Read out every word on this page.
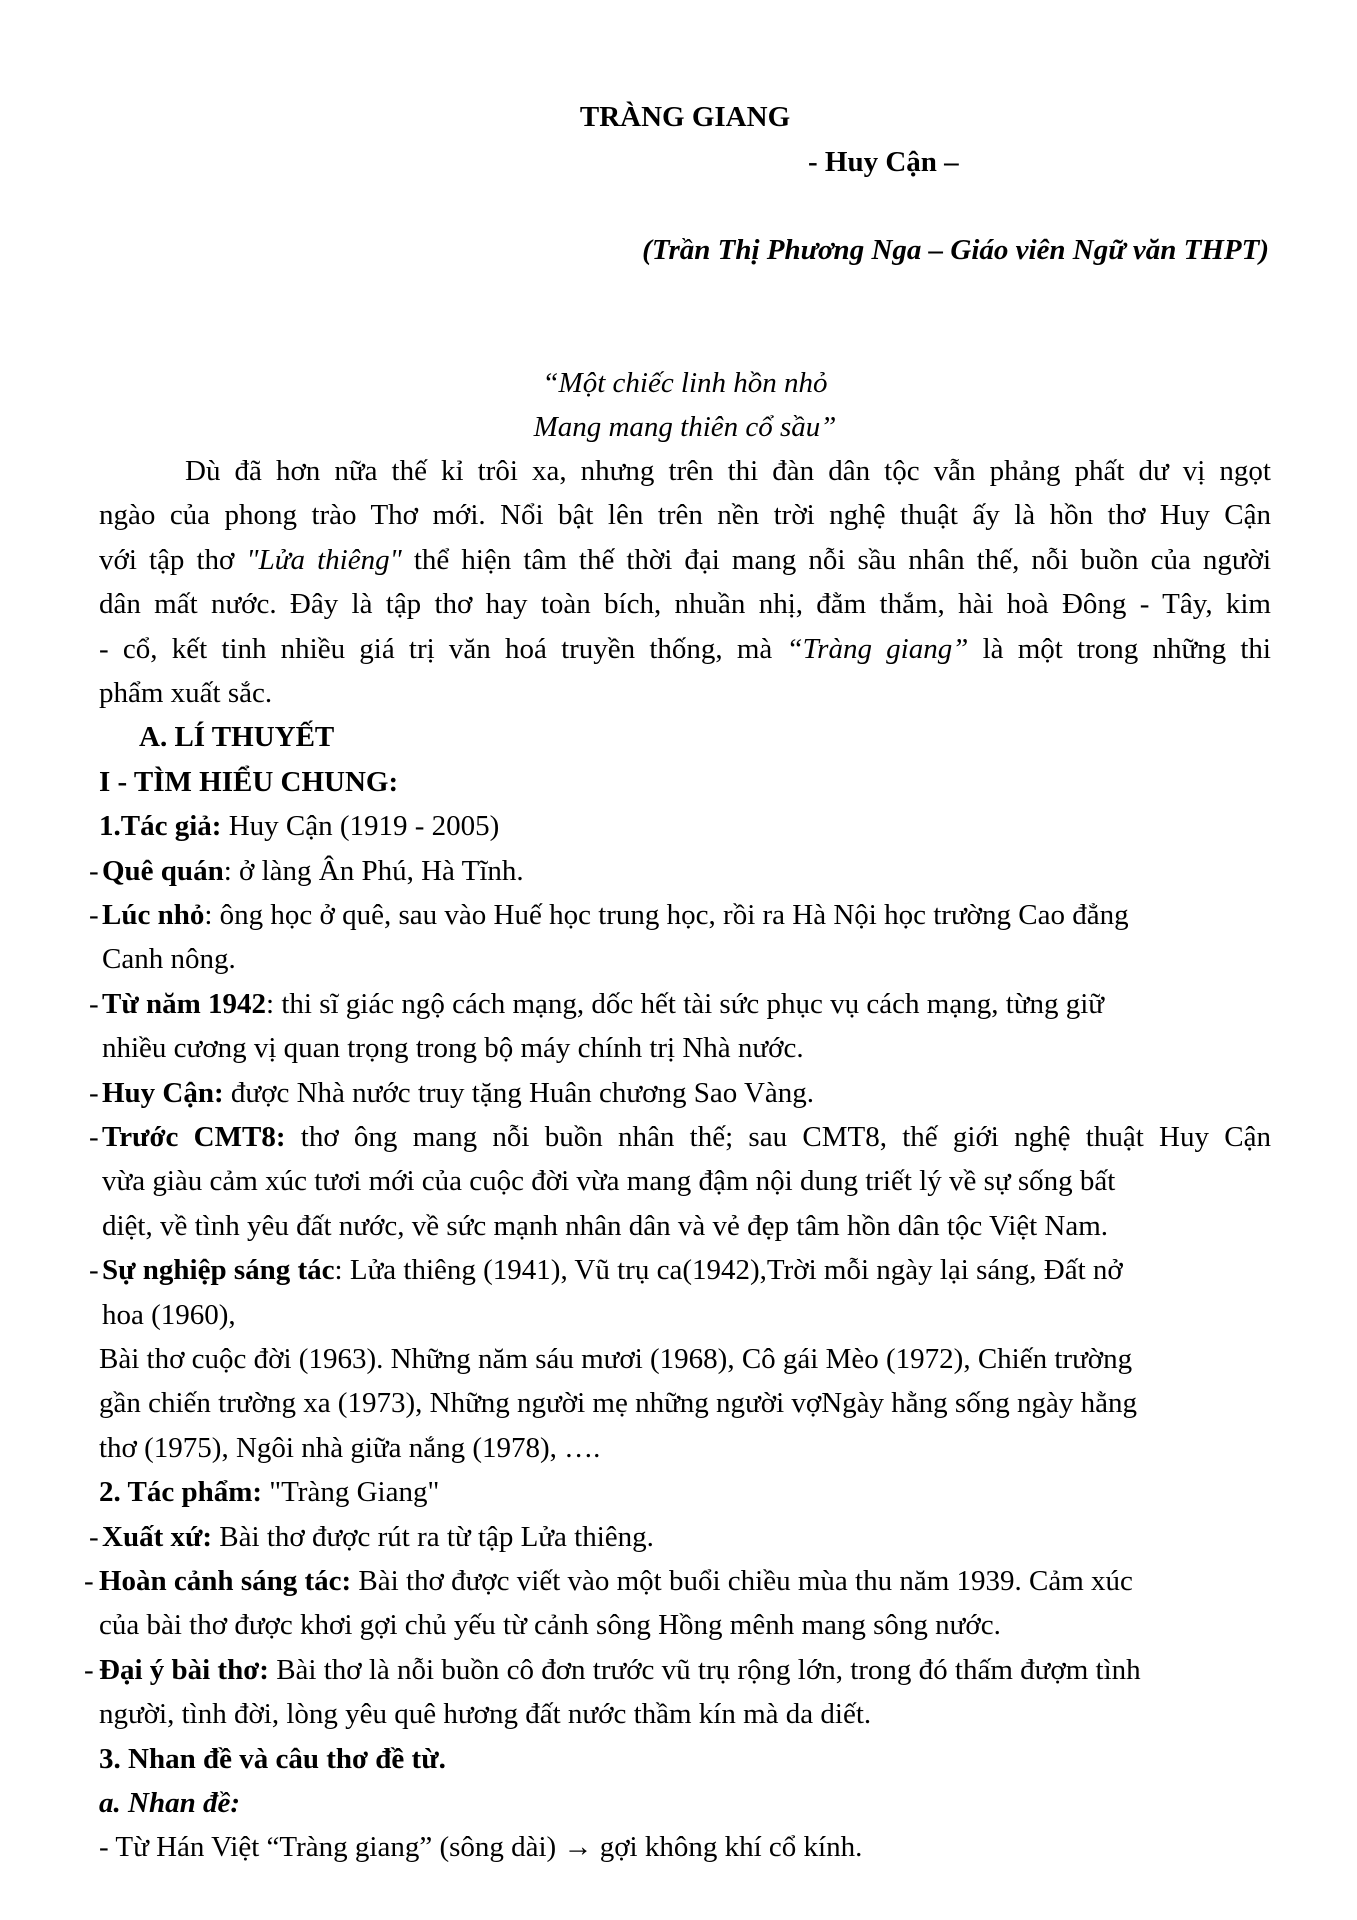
TRÀNG GIANG
- Huy Cận –
(Trần Thị Phương Nga – Giáo viên Ngữ văn THPT)
“Một chiếc linh hồn nhỏ
Mang mang thiên cổ sầu”
Dù đã hơn nữa thế kỉ trôi xa, nhưng trên thi đàn dân tộc vẫn phảng phất dư vị ngọt
ngào của phong trào Thơ mới. Nổi bật lên trên nền trời nghệ thuật ấy là hồn thơ Huy Cận
với tập thơ "Lửa thiêng" thể hiện tâm thế thời đại mang nỗi sầu nhân thế, nỗi buồn của người
dân mất nước. Đây là tập thơ hay toàn bích, nhuần nhị, đằm thắm, hài hoà Đông - Tây, kim
- cổ, kết tinh nhiều giá trị văn hoá truyền thống, mà “Tràng giang” là một trong những thi
phẩm xuất sắc.
A. LÍ THUYẾT
I - TÌM HIỂU CHUNG:
1.Tác giả: Huy Cận (1919 - 2005)
- Quê quán: ở làng Ân Phú, Hà Tĩnh.
- Lúc nhỏ: ông học ở quê, sau vào Huế học trung học, rồi ra Hà Nội học trường Cao đẳng
Canh nông.
- Từ năm 1942: thi sĩ giác ngộ cách mạng, dốc hết tài sức phục vụ cách mạng, từng giữ
nhiều cương vị quan trọng trong bộ máy chính trị Nhà nước.
- Huy Cận: được Nhà nước truy tặng Huân chương Sao Vàng.
- Trước CMT8: thơ ông mang nỗi buồn nhân thế; sau CMT8, thế giới nghệ thuật Huy Cận
vừa giàu cảm xúc tươi mới của cuộc đời vừa mang đậm nội dung triết lý về sự sống bất
diệt, về tình yêu đất nước, về sức mạnh nhân dân và vẻ đẹp tâm hồn dân tộc Việt Nam.
- Sự nghiệp sáng tác: Lửa thiêng (1941), Vũ trụ ca(1942),Trời mỗi ngày lại sáng, Đất nở
hoa (1960),
Bài thơ cuộc đời (1963). Những năm sáu mươi (1968), Cô gái Mèo (1972), Chiến trường
gần chiến trường xa (1973), Những người mẹ những người vợNgày hằng sống ngày hằng
thơ (1975), Ngôi nhà giữa nắng (1978), ….
2. Tác phẩm: "Tràng Giang"
- Xuất xứ: Bài thơ được rút ra từ tập Lửa thiêng.
- Hoàn cảnh sáng tác: Bài thơ được viết vào một buổi chiều mùa thu năm 1939. Cảm xúc
của bài thơ được khơi gợi chủ yếu từ cảnh sông Hồng mênh mang sông nước.
- Đại ý bài thơ: Bài thơ là nỗi buồn cô đơn trước vũ trụ rộng lớn, trong đó thấm đượm tình
người, tình đời, lòng yêu quê hương đất nước thầm kín mà da diết.
3. Nhan đề và câu thơ đề từ.
a. Nhan đề:
- Từ Hán Việt “Tràng giang” (sông dài) → gợi không khí cổ kính.
